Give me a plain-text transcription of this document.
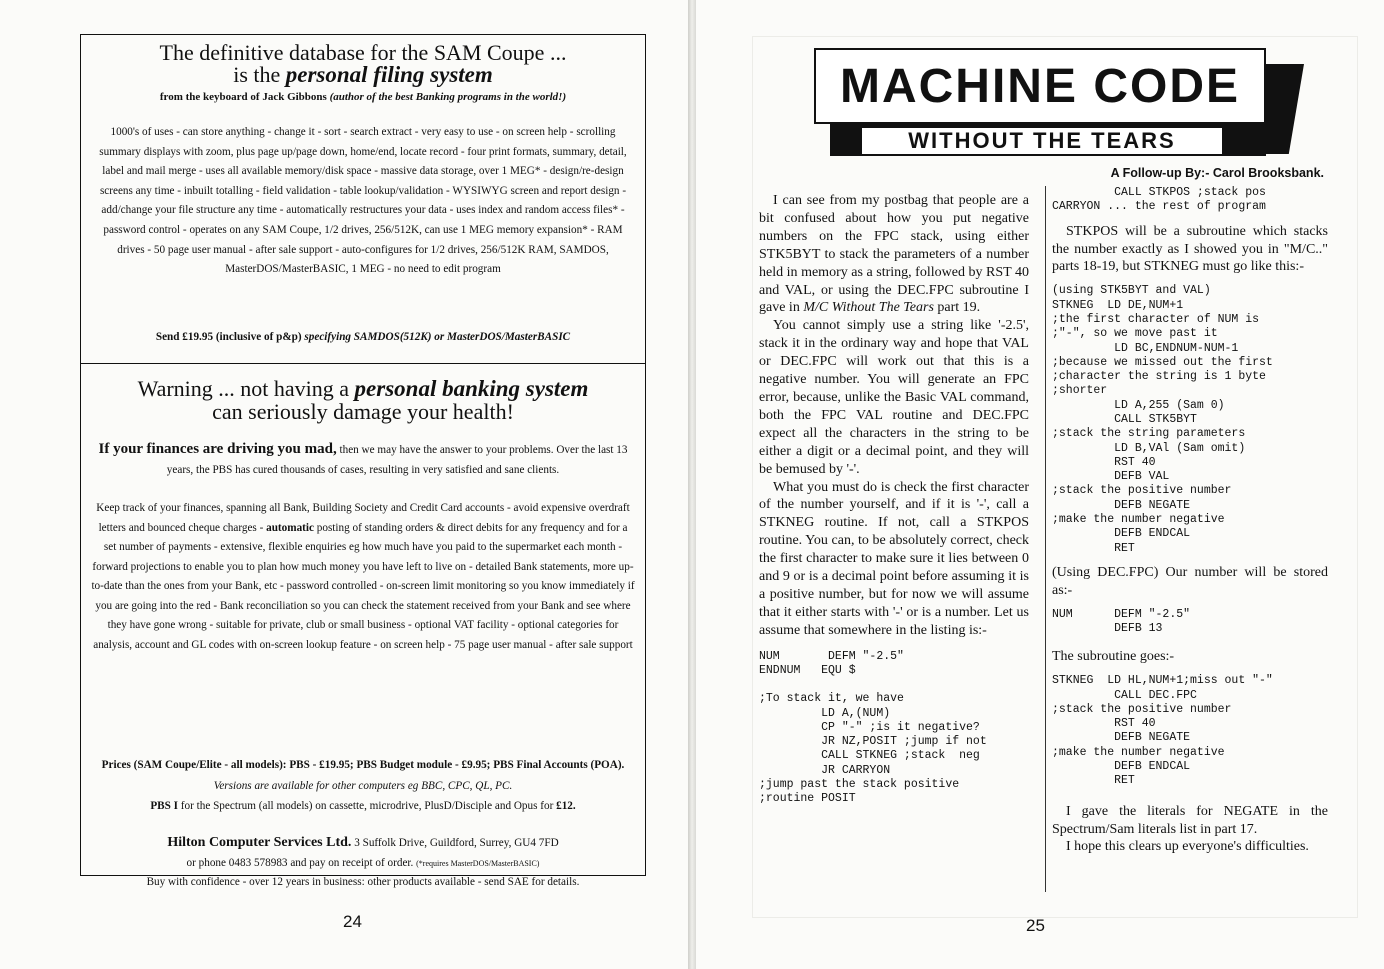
The definitive database for the SAM Coupe ...
is the personal filing system
from the keyboard of Jack Gibbons (author of the best Banking programs in the world!)
1000's of uses - can store anything - change it - sort - search extract - very easy to use - on screen help - scrolling summary displays with zoom, plus page up/page down, home/end, locate record - four print formats, summary, detail, label and mail merge - uses all available memory/disk space - massive data storage, over 1 MEG* - design/re-design screens any time - inbuilt totalling - field validation - table lookup/validation - WYSIWYG screen and report design - add/change your file structure any time - automatically restructures your data - uses index and random access files* - password control - operates on any SAM Coupe, 1/2 drives, 256/512K, can use 1 MEG memory expansion* - RAM drives - 50 page user manual - after sale support - auto-configures for 1/2 drives, 256/512K RAM, SAMDOS, MasterDOS/MasterBASIC, 1 MEG - no need to edit program
Send £19.95 (inclusive of p&p) specifying SAMDOS(512K) or MasterDOS/MasterBASIC
Warning ... not having a personal banking system
can seriously damage your health!
If your finances are driving you mad, then we may have the answer to your problems. Over the last 13 years, the PBS has cured thousands of cases, resulting in very satisfied and sane clients.
Keep track of your finances, spanning all Bank, Building Society and Credit Card accounts - avoid expensive overdraft letters and bounced cheque charges - automatic posting of standing orders & direct debits for any frequency and for a set number of payments - extensive, flexible enquiries eg how much have you paid to the supermarket each month - forward projections to enable you to plan how much money you have left to live on - detailed Bank statements, more up-to-date than the ones from your Bank, etc - password controlled - on-screen limit monitoring so you know immediately if you are going into the red - Bank reconciliation so you can check the statement received from your Bank and see where they have gone wrong - suitable for private, club or small business - optional VAT facility - optional categories for analysis, account and GL codes with on-screen lookup feature - on screen help - 75 page user manual - after sale support
Prices (SAM Coupe/Elite - all models): PBS - £19.95; PBS Budget module - £9.95; PBS Final Accounts (POA). Versions are available for other computers eg BBC, CPC, QL, PC.
PBS I for the Spectrum (all models) on cassette, microdrive, PlusD/Disciple and Opus for £12.
Hilton Computer Services Ltd. 3 Suffolk Drive, Guildford, Surrey, GU4 7FD
or phone 0483 578983 and pay on receipt of order. (*requires MasterDOS/MasterBASIC)
Buy with confidence - over 12 years in business: other products available - send SAE for details.
24
MACHINE CODE
WITHOUT THE TEARS
A Follow-up By:- Carol Brooksbank.

I can see from my postbag that people are a bit confused about how you put negative numbers on the FPC stack, using either STK5BYT to stack the parameters of a number held in memory as a string, followed by RST 40 and VAL, or using the DEC.FPC subroutine I gave in M/C Without The Tears part 19.

You cannot simply use a string like '-2.5', stack it in the ordinary way and hope that VAL or DEC.FPC will work out that this is a negative number. You will generate an FPC error, because, unlike the Basic VAL command, both the FPC VAL routine and DEC.FPC expect all the characters in the string to be either a digit or a decimal point, and they will be bemused by '-'.

What you must do is check the first character of the number yourself, and if it is '-', call a STKNEG routine. If not, call a STKPOS routine. You can, to be absolutely correct, check the first character to make sure it lies between 0 and 9 or is a decimal point before assuming it is a positive number, but for now we will assume that it either starts with '-' or is a number. Let us assume that somewhere in the listing is:-

NUM       DEFM "-2.5"
ENDNUM   EQU $
;To stack it, we have
LD A,(NUM)
CP "-" ;is it negative?
JR NZ,POSIT ;jump if not
CALL STKNEG ;stack  neg
JR CARRYON
;jump past the stack positive
;routine POSIT
CALL STKPOS ;stack pos
CARRYON ... the rest of program

STKPOS will be a subroutine which stacks the number exactly as I showed you in "M/C.." parts 18-19, but STKNEG must go like this:-

(using STK5BYT and VAL)
STKNEG  LD DE,NUM+1
;the first character of NUM is
;"-", so we move past it
LD BC,ENDNUM-NUM-1
;because we missed out the first
;character the string is 1 byte
;shorter
LD A,255 (Sam 0)
CALL STK5BYT
;stack the string parameters
LD B,VAl (Sam omit)
RST 40
DEFB VAL
;stack the positive number
DEFB NEGATE
;make the number negative
DEFB ENDCAL
RET

(Using DEC.FPC) Our number will be stored as:-

NUM      DEFM "-2.5"
DEFB 13

The subroutine goes:-

STKNEG  LD HL,NUM+1;miss out "-"
CALL DEC.FPC
;stack the positive number
RST 40
DEFB NEGATE
;make the number negative
DEFB ENDCAL
RET

I gave the literals for NEGATE in the Spectrum/Sam literals list in part 17.

I hope this clears up everyone's difficulties.

25
